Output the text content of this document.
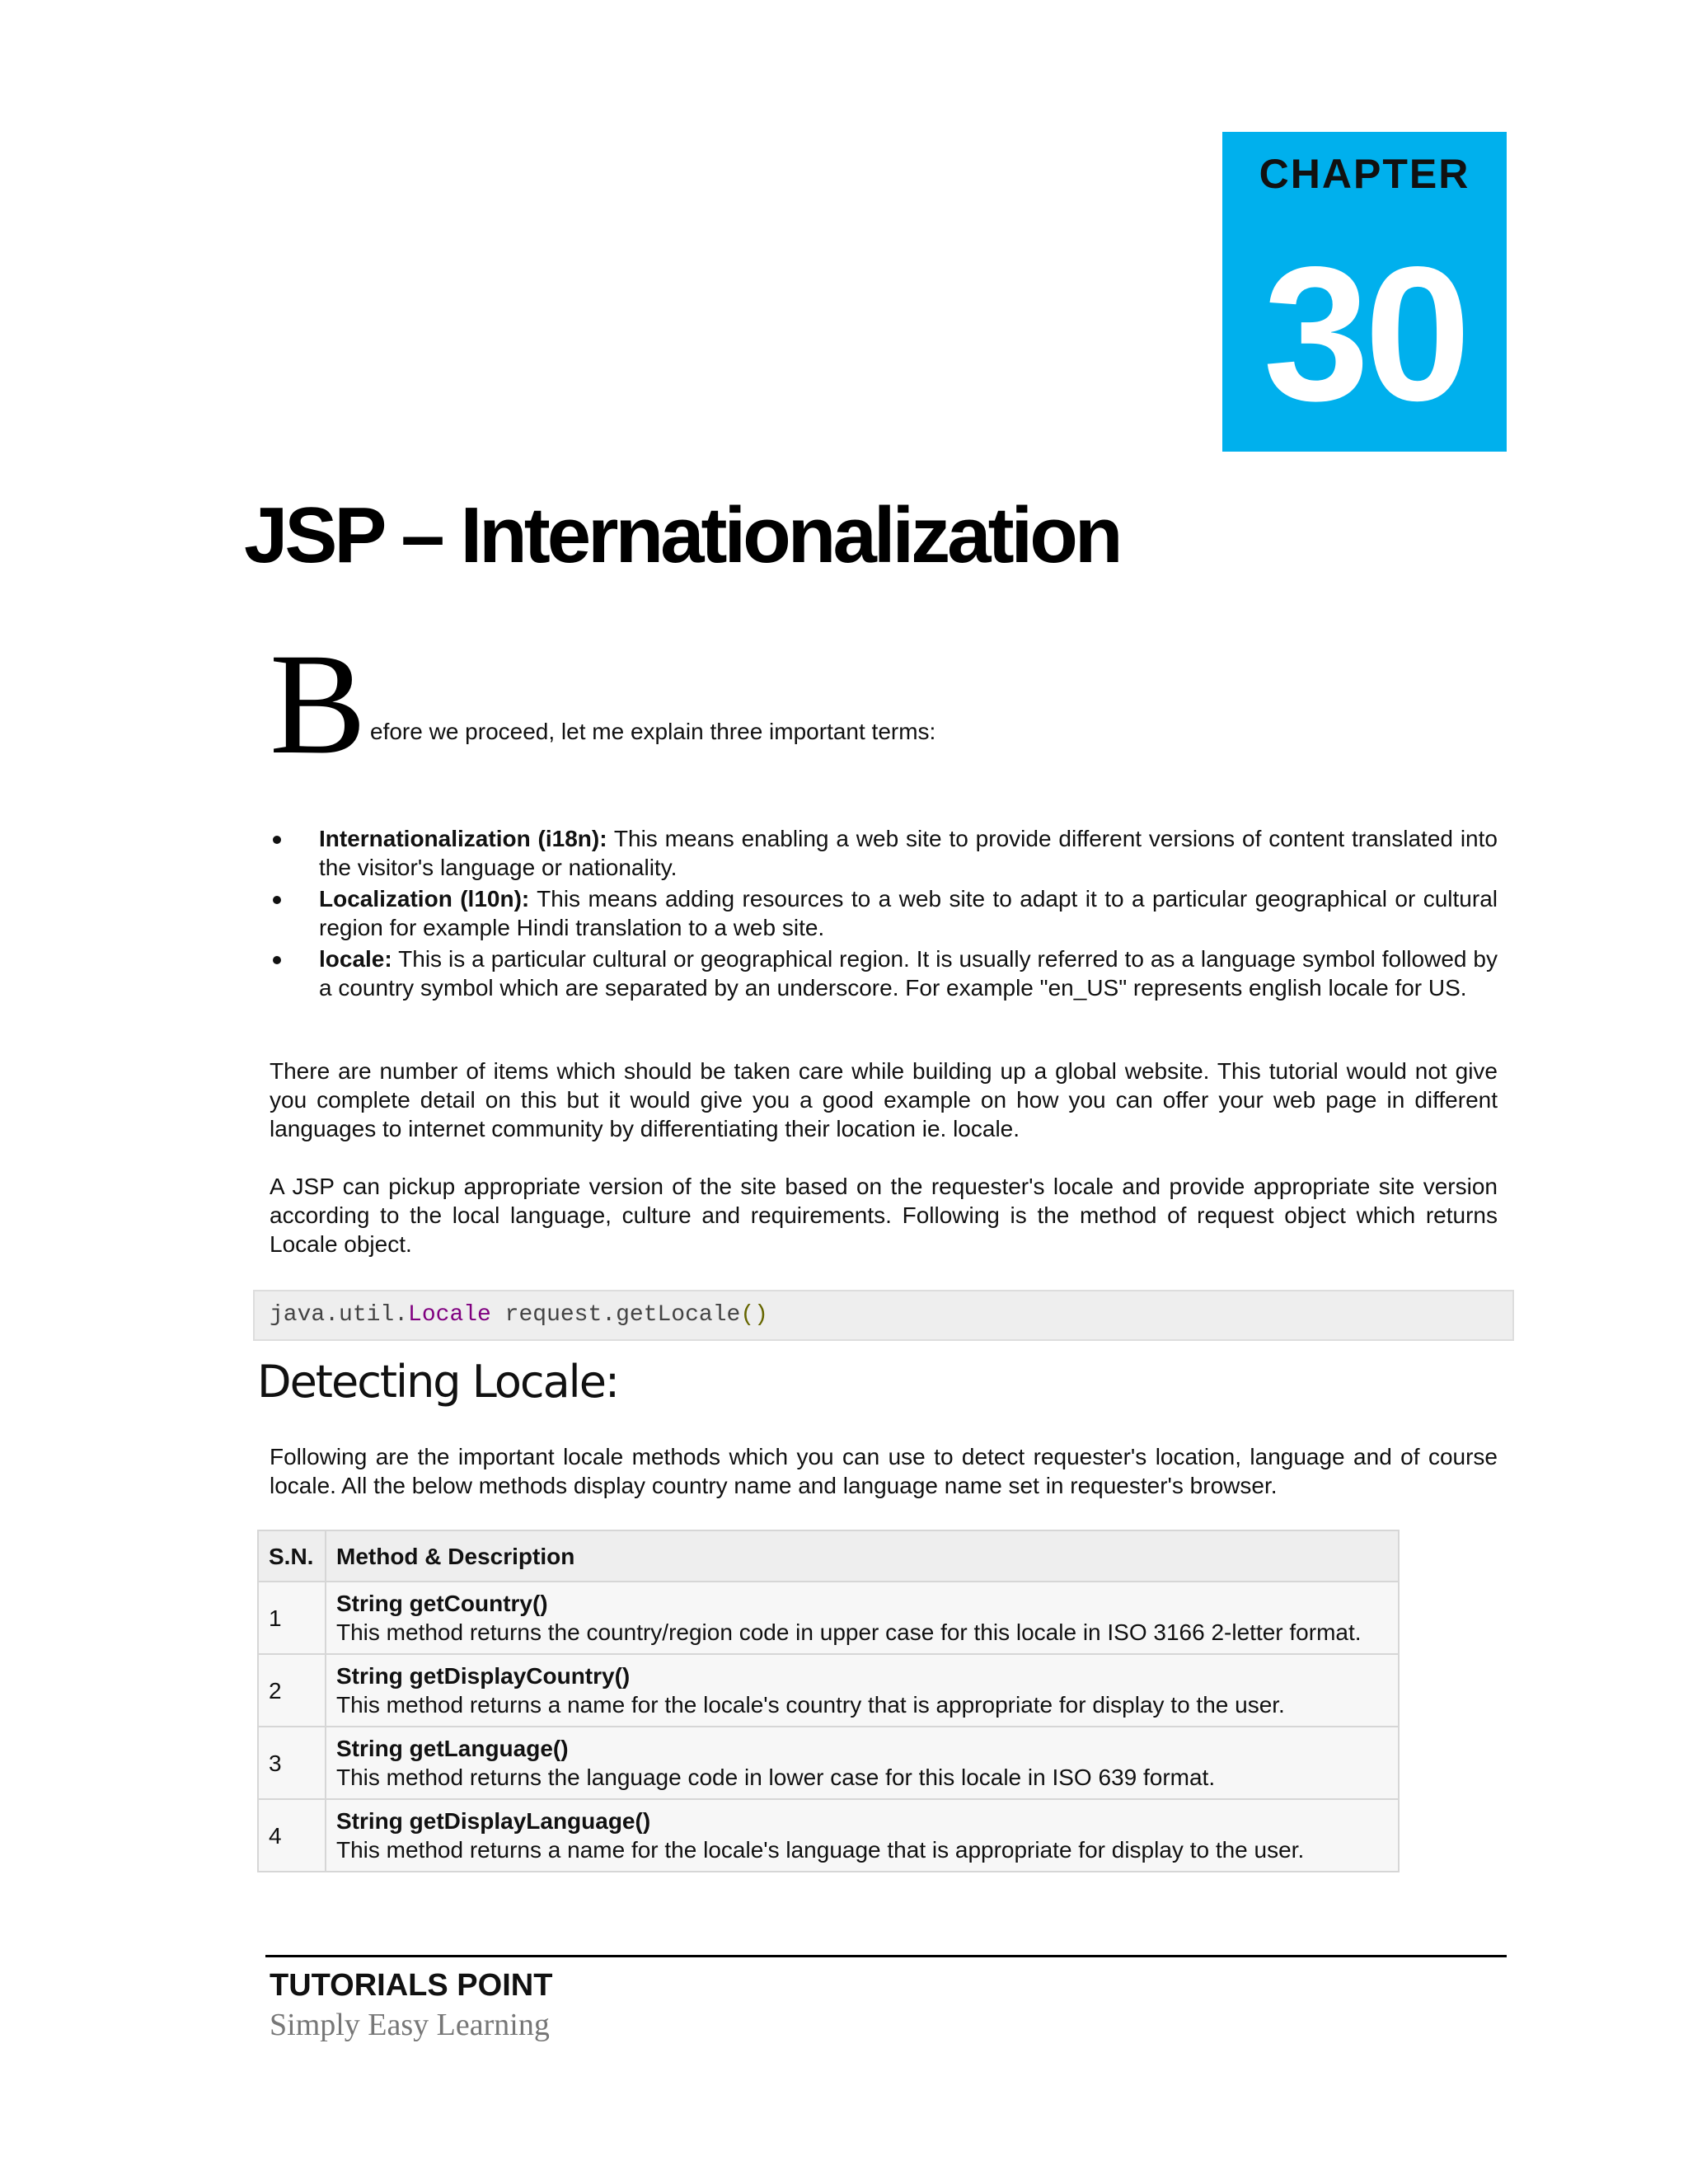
CHAPTER
30
JSP – Internationalization
B efore we proceed, let me explain three important terms:
Internationalization (i18n): This means enabling a web site to provide different versions of content translated into the visitor's language or nationality.
Localization (l10n): This means adding resources to a web site to adapt it to a particular geographical or cultural region for example Hindi translation to a web site.
locale: This is a particular cultural or geographical region. It is usually referred to as a language symbol followed by a country symbol which are separated by an underscore. For example "en_US" represents english locale for US.

There are number of items which should be taken care while building up a global website. This tutorial would not give you complete detail on this but it would give you a good example on how you can offer your web page in different languages to internet community by differentiating their location ie. locale.

A JSP can pickup appropriate version of the site based on the requester's locale and provide appropriate site version according to the local language, culture and requirements. Following is the method of request object which returns Locale object.

java.util.Locale request.getLocale()
Detecting Locale:

Following are the important locale methods which you can use to detect requester's location, language and of course locale. All the below methods display country name and language name set in requester's browser.

S.N.	Method & Description
1	String getCountry()
This method returns the country/region code in upper case for this locale in ISO 3166 2-letter format.
2	String getDisplayCountry()
This method returns a name for the locale's country that is appropriate for display to the user.
3	String getLanguage()
This method returns the language code in lower case for this locale in ISO 639 format.
4	String getDisplayLanguage()
This method returns a name for the locale's language that is appropriate for display to the user.
TUTORIALS POINT
Simply Easy Learning
